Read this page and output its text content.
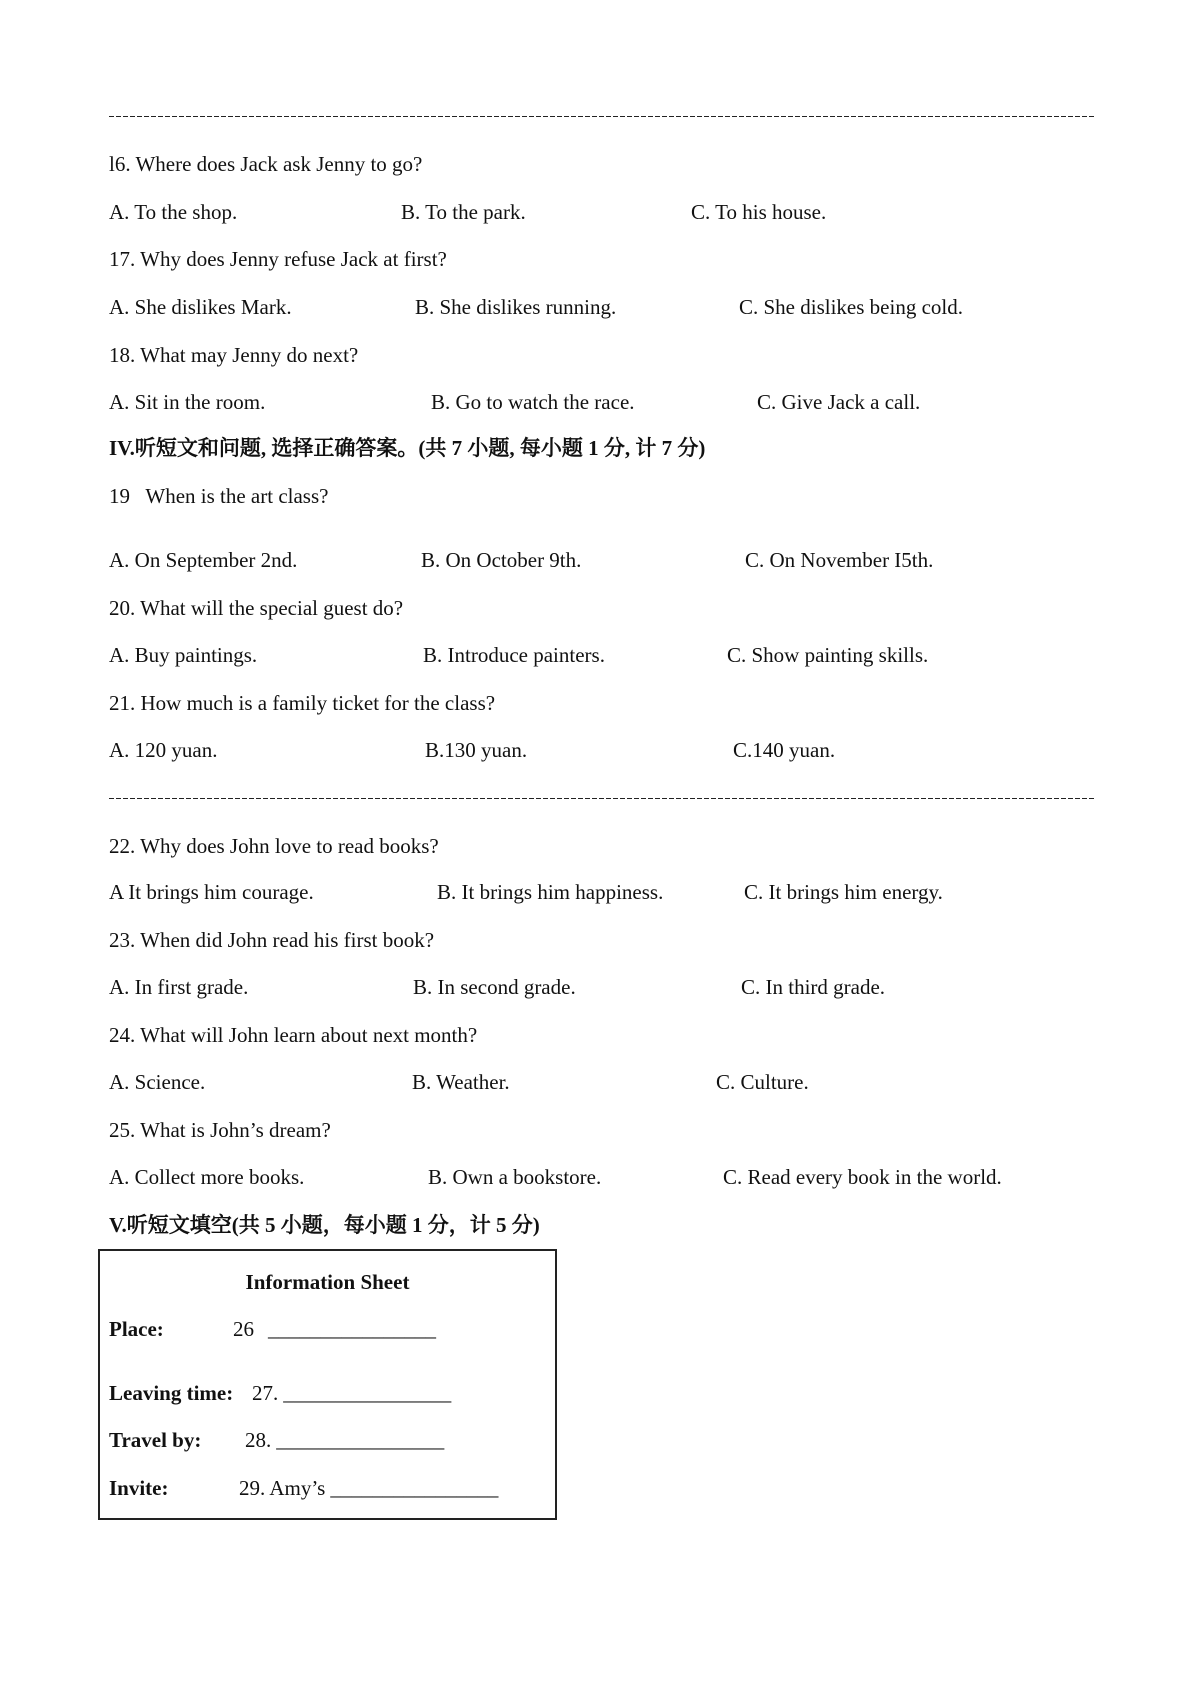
l6. Where does Jack ask Jenny to go?
A. To the shop.	B. To the park.	C. To his house.
17. Why does Jenny refuse Jack at first?
A. She dislikes Mark.	B. She dislikes running.	C. She dislikes being cold.
18. What may Jenny do next?
A. Sit in the room.	B. Go to watch the race.	C. Give Jack a call.
IV.听短文和问题, 选择正确答案。(共 7 小题, 每小题 1 分, 计 7 分)
19   When is the art class?
A. On September 2nd.	B. On October 9th.	C. On November I5th.
20. What will the special guest do?
A. Buy paintings.	B. Introduce painters.	C. Show painting skills.
21. How much is a family ticket for the class?
A. 120 yuan.	B.130 yuan.	C.140 yuan.
22. Why does John love to read books?
A It brings him courage.	B. It brings him happiness.	C. It brings him energy.
23. When did John read his first book?
A. In first grade.	B. In second grade.	C. In third grade.
24. What will John learn about next month?
A. Science.	B. Weather.	C. Culture.
25. What is John’s dream?
A. Collect more books.	B. Own a bookstore.	C. Read every book in the world.
V.听短文填空(共 5 小题，每小题 1 分，计 5 分)
Information Sheet
Place:	26 ________________
Leaving time: 27. ________________
Travel by: 28. ________________
Invite:	29. Amy’s ________________
